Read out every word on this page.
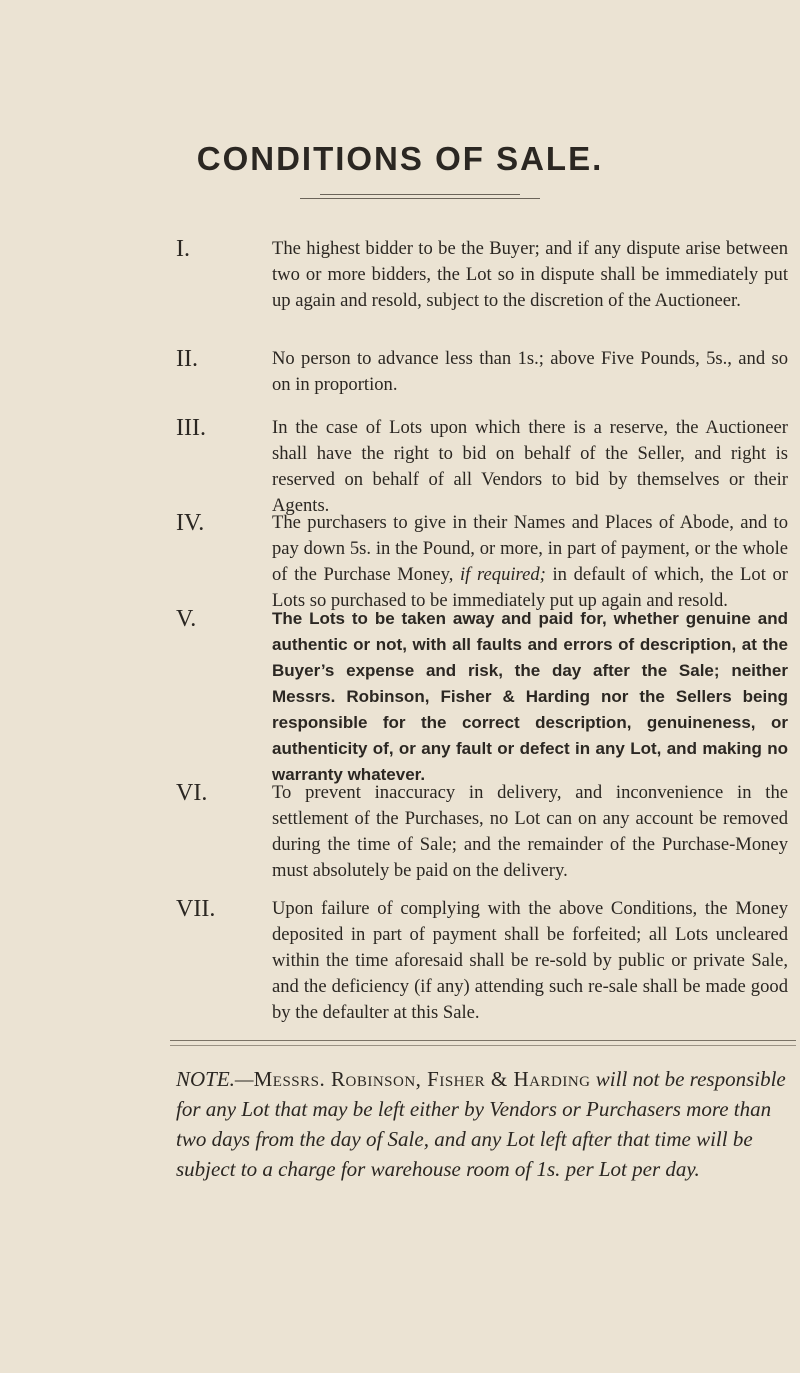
CONDITIONS OF SALE.
I.	The highest bidder to be the Buyer; and if any dispute arise between two or more bidders, the Lot so in dispute shall be immediately put up again and resold, subject to the discretion of the Auctioneer.
II.	No person to advance less than 1s.; above Five Pounds, 5s., and so on in proportion.
III.	In the case of Lots upon which there is a reserve, the Auctioneer shall have the right to bid on behalf of the Seller, and right is reserved on behalf of all Vendors to bid by themselves or their Agents.
IV.	The purchasers to give in their Names and Places of Abode, and to pay down 5s. in the Pound, or more, in part of payment, or the whole of the Purchase Money, if required; in default of which, the Lot or Lots so purchased to be immediately put up again and resold.
V.	The Lots to be taken away and paid for, whether genuine and authentic or not, with all faults and errors of description, at the Buyer’s expense and risk, the day after the Sale; neither Messrs. Robinson, Fisher & Harding nor the Sellers being responsible for the correct description, genuineness, or authenticity of, or any fault or defect in any Lot, and making no warranty whatever.
VI.	To prevent inaccuracy in delivery, and inconvenience in the settlement of the Purchases, no Lot can on any account be removed during the time of Sale; and the remainder of the Purchase-Money must absolutely be paid on the delivery.
VII.	Upon failure of complying with the above Conditions, the Money deposited in part of payment shall be forfeited; all Lots uncleared within the time aforesaid shall be re-sold by public or private Sale, and the deficiency (if any) attending such re-sale shall be made good by the defaulter at this Sale.

NOTE.—Messrs. Robinson, Fisher & Harding will not be responsible for any Lot that may be left either by Vendors or Purchasers more than two days from the day of Sale, and any Lot left after that time will be subject to a charge for warehouse room of 1s. per Lot per day.
